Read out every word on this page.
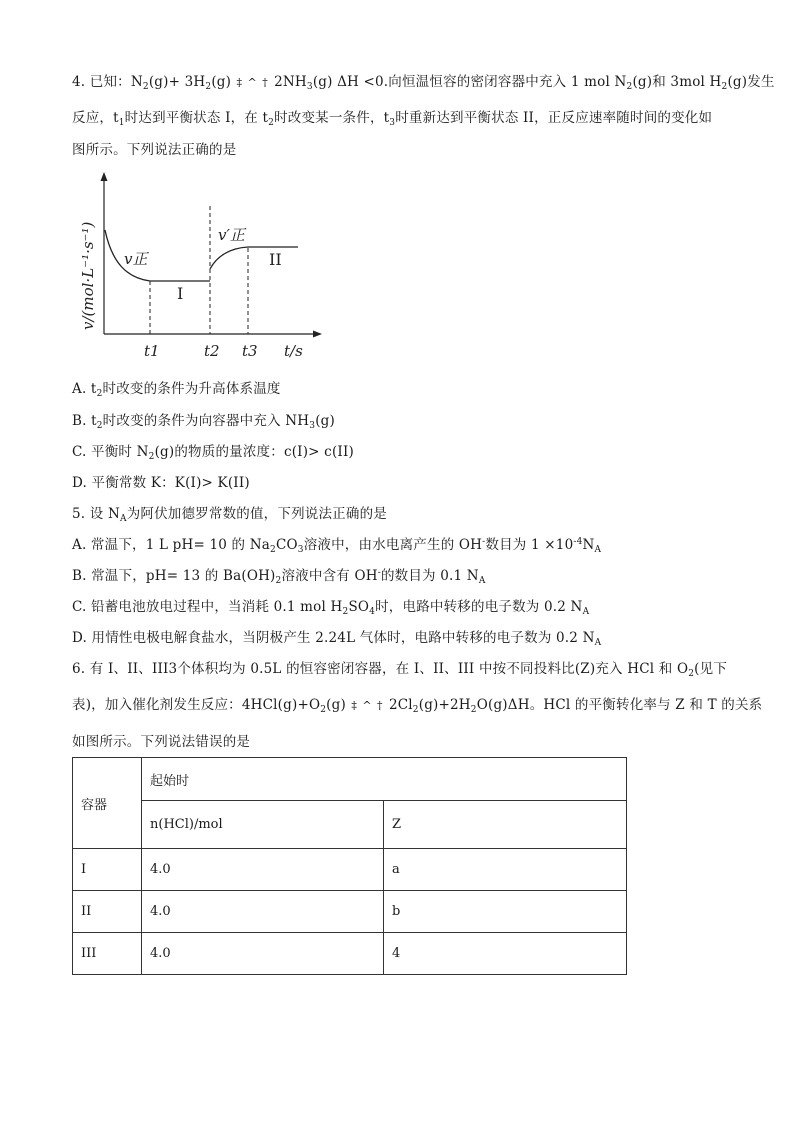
4. 已知：$N_2(g)+ 3H_2(g)$ ‡ ^ † $2NH_3(g)$ ΔH <0.向恒温恒容的密闭容器中充入 1 mol $N_2(g)$和 3mol $H_2(g)$发生
反应，$t_1$时达到平衡状态 I，在 $t_2$时改变某一条件，$t_3$时重新达到平衡状态 II，正反应速率随时间的变化如
图所示。下列说法正确的是
v/(mol·L⁻¹·s⁻¹)
t/s
t1	t2 t3
v正
v′正
I
II
A. $t_2$时改变的条件为升高体系温度
B. $t_2$时改变的条件为向容器中充入 $NH_3(g)$
C. 平衡时 $N_2(g)$的物质的量浓度：c(I)> c(II)
D. 平衡常数 K：K(I)> K(II)
5. 设 $N_A$为阿伏加德罗常数的值，下列说法正确的是
A. 常温下，1 L pH= 10 的 $Na_2CO_3$溶液中，由水电离产生的 OH-数目为 $1 \times 10^{-4}N_A$
B. 常温下，pH= 13 的 $Ba(OH)_2$溶液中含有 OH-的数目为 0.1 $N_A$
C. 铅蓄电池放电过程中，当消耗 0.1 mol $H_2SO_4$时，电路中转移的电子数为 0.2 $N_A$
D. 用情性电极电解食盐水，当阴极产生 2.24L 气体时，电路中转移的电子数为 0.2 $N_A$
6. 有 I、II、III3个体积均为 0.5L 的恒容密闭容器，在 I、II、III 中按不同投料比(Z)充入 HCl 和 $O_2$(见下
表)，加入催化剂发生反应：$4HCl(g)+O_2(g)$ ‡ ^ † $2Cl_2(g)+2H_2O(g)\Delta H$。HCl 的平衡转化率与 Z 和 T 的关系
如图所示。下列说法错误的是
容器	起始时	
	n(HCl)/mol	Z
I	4.0	a
II	4.0	b
III	4.0	4
